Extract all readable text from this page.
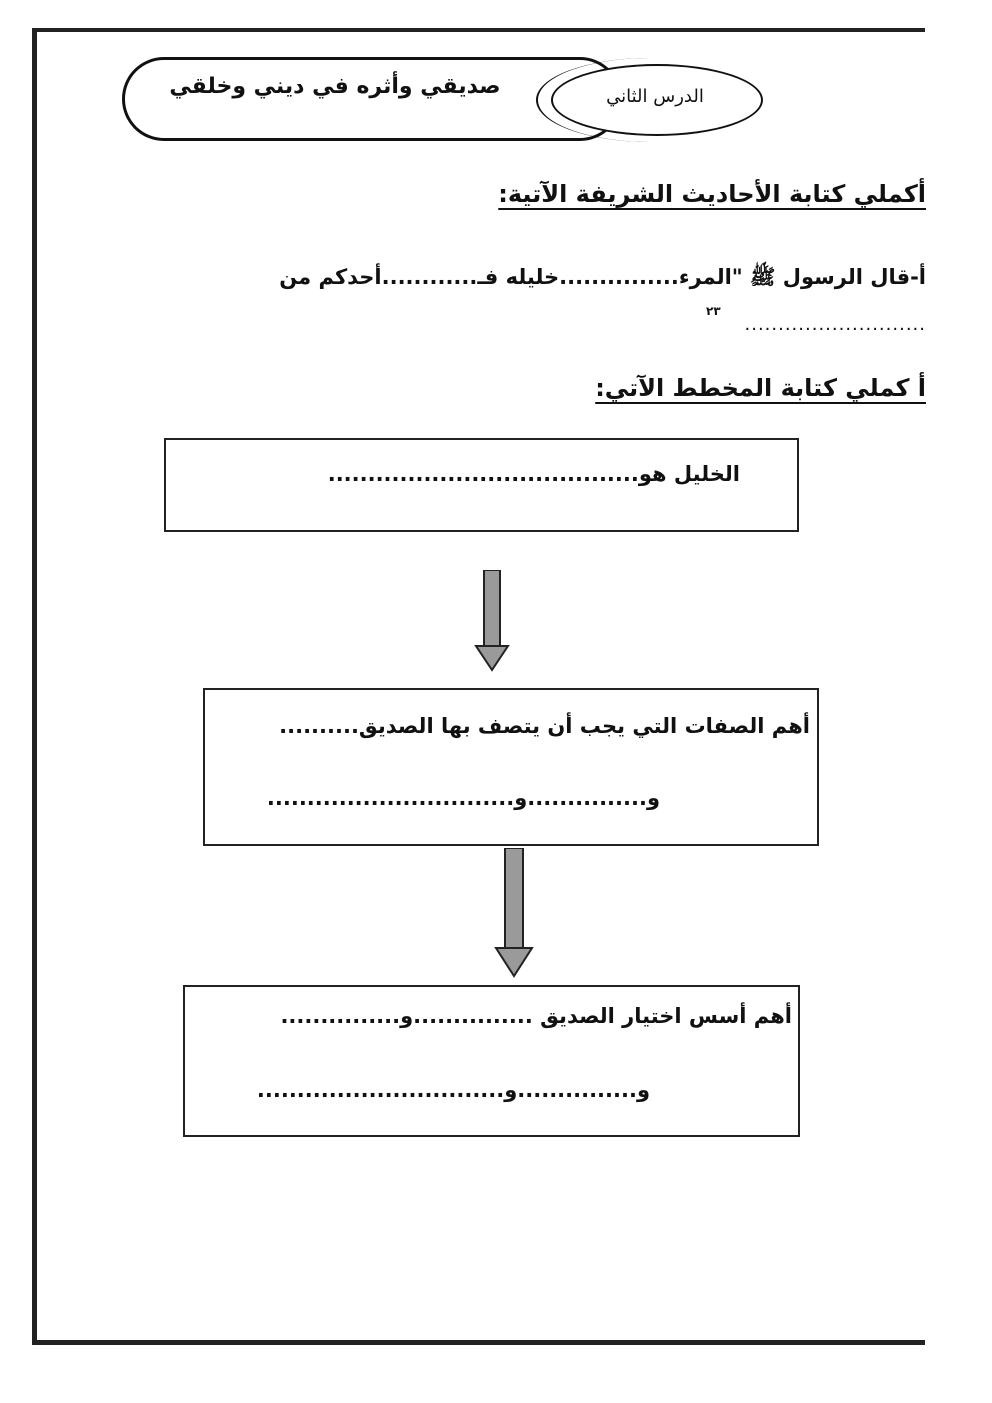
صديقي وأثره في ديني وخلقي	الدرس الثاني
أكملي كتابة الأحاديث الشريفة الآتية:
أ-قال الرسول ﷺ "المرء...............خليله فـ............أحدكم من
٢٣
...........................
أ كملي كتابة المخطط الآتي:
الخليل هو.......................................
أهم الصفات التي يجب أن يتصف بها الصديق..........
و...............و...............................
أهم أسس اختيار الصديق ...............و...............
و...............و...............................
